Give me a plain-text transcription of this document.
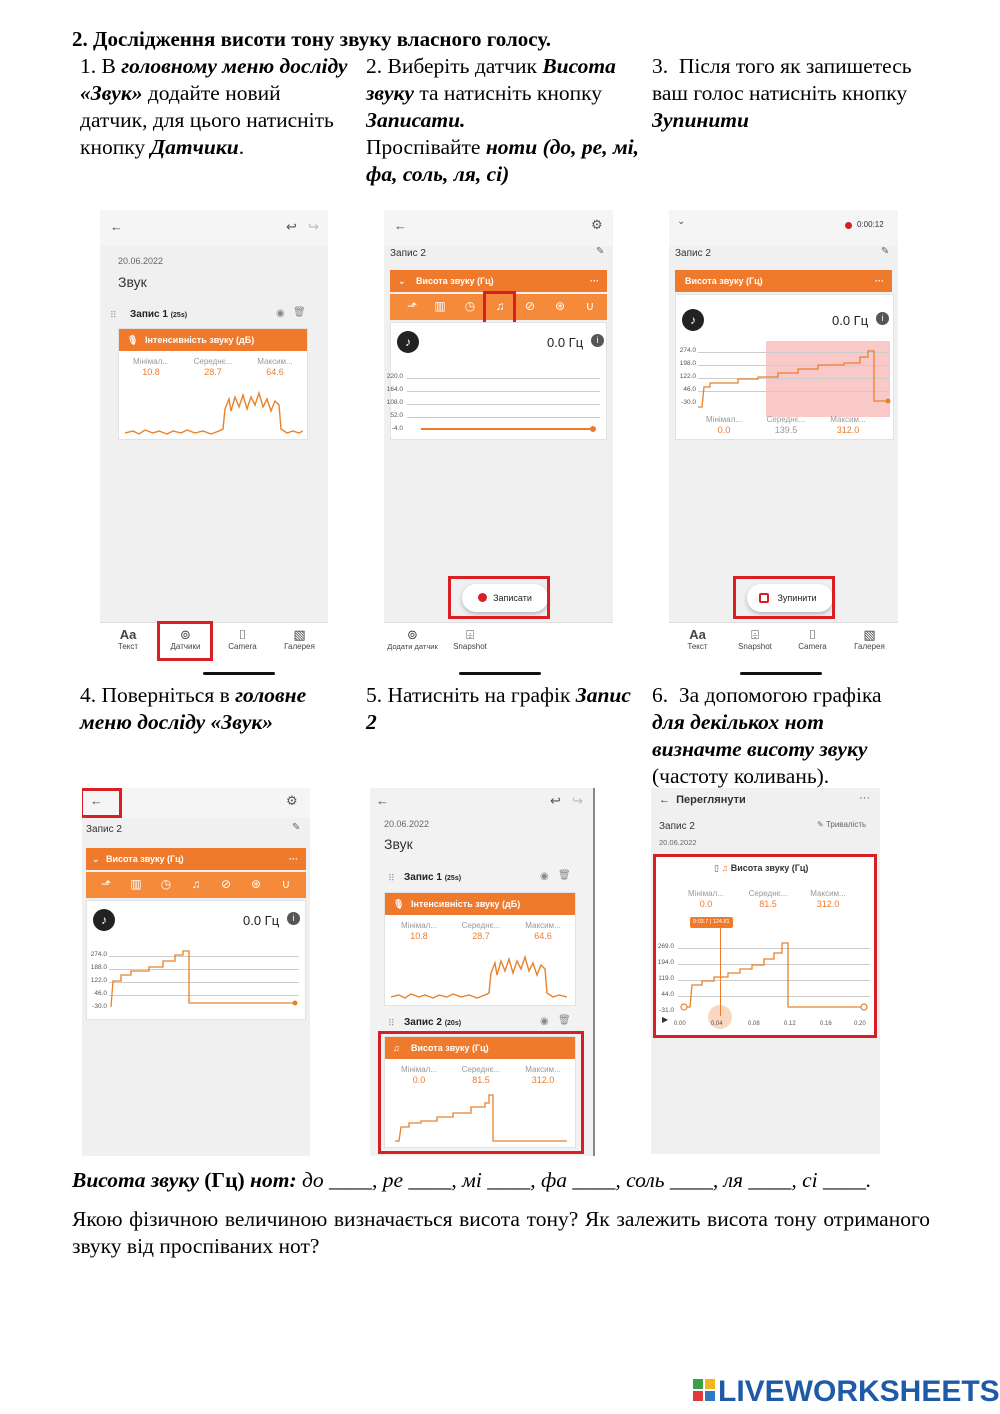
2. Дослідження висоти тону звуку власного голосу.
1. В головному меню досліду «Звук» додайте новий датчик, для цього натисніть кнопку Датчики.
2. Виберіть датчик Висота звуку та натисніть кнопку Записати.
Проспівайте ноти (до, ре, мі, фа, соль, ля, сі)
3. Після того як запишетесь ваш голос натисніть кнопку Зупинити
←	↩ ↪
20.06.2022
Звук
⠿ Запис 1 (25s)	◉ 🗑
🎙 Інтенсивність звуку (дБ)
Мінімал...	Середнє...	Максим...
10.8	28.7	64.6
Aa
Текст
⊚
Датчики
⌷
Camera
▧
Галерея
←	⚙
Запис 2	✎
⌄ Висота звуку (Гц)	···
⬏	▥	◷	♫	⊘	⊛	∪
♪	0.0 Гц	i
220.0
164.0
108.0
52.0
-4.0
Записати
⊚
Додати датчик
⌹
Snapshot
⌄	0:00:12
Запис 2	✎
Висота звуку (Гц)	···
♪	0.0 Гц	i
274.0
198.0
122.0
46.0
-30.0
Мінімал...	Середнє...	Максим...
0.0	139.5	312.0
Зупинити
Aa
Текст
⌹
Snapshot
⌷
Camera
▧
Галерея
4. Поверніться в головне меню досліду «Звук»
5. Натисніть на графік Запис 2
6. За допомогою графіка для декількох нот визначте висоту звуку
(частоту коливань).
←	⚙
Запис 2	✎
⌄ Висота звуку (Гц)	···
⬏	▥	◷	♫	⊘	⊛	∪
♪	0.0 Гц	i
274.0
188.0
122.0
46.0
-30.0
←	↩ ↪
20.06.2022
Звук
⠿ Запис 1 (25s)	◉ 🗑
🎙 Інтенсивність звуку (дБ)
Мінімал...	Середнє...	Максим...
10.8	28.7	64.6
⠿ Запис 2 (20s)	◉ 🗑
♫ Висота звуку (Гц)
Мінімал...	Середнє...	Максим...
0.0	81.5	312.0
← Переглянути	···
Запис 2	✎ Тривалість
20.06.2022
▯ ♫ Висота звуку (Гц)
Мінімал...	Середнє...	Максим...
0.0	81.5	312.0
0:03.7 | 124.81
269.0
194.0
119.0
44.0
-31.0
▶ 0.00	0.04	0.08	0.12	0.16	0.20
Висота звуку (Гц) нот: до ____, ре ____, мі ____, фа ____, соль ____, ля ____, сі ____.
Якою фізичною величиною визначається висота тону? Як залежить висота тону отриманого звуку від проспіваних нот?
LIVEWORKSHEETS
